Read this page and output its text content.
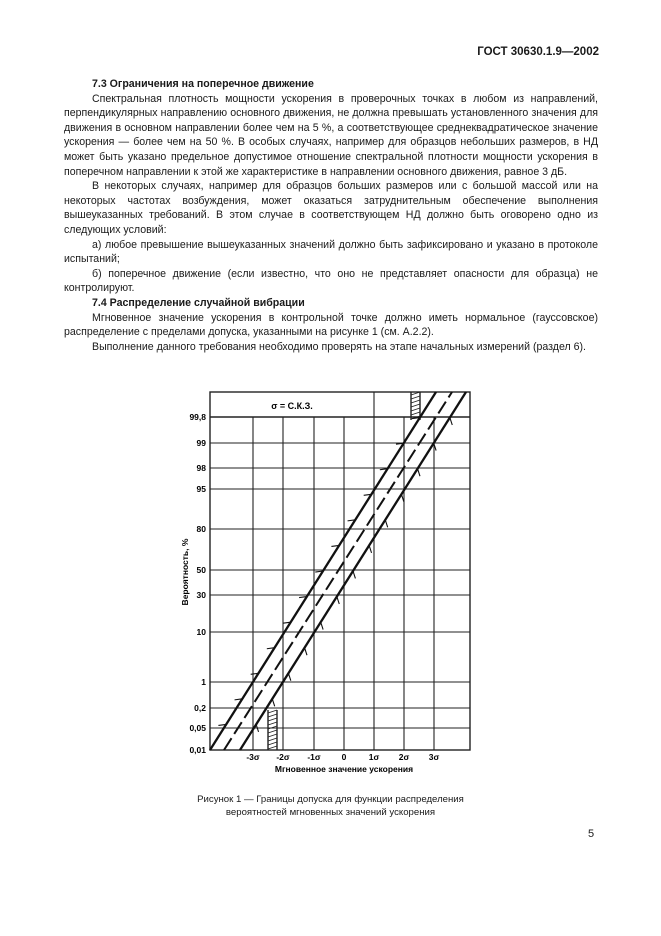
ГОСТ 30630.1.9—2002

7.3 Ограничения на поперечное движение

Спектральная плотность мощности ускорения в проверочных точках в любом из направлений, перпендикулярных направлению основного движения, не должна превышать установленного значения для движения в основном направлении более чем на 5 %, а соответствующее среднеквадратическое значение ускорения — более чем на 50 %. В особых случаях, например для образцов небольших размеров, в НД может быть указано предельное допустимое отношение спектральной плотности мощности ускорения в поперечном направлении к этой же характеристике в направлении основного движения, равное 3 дБ.

В некоторых случаях, например для образцов больших размеров или с большой массой или на некоторых частотах возбуждения, может оказаться затруднительным обеспечение выполнения вышеуказанных требований. В этом случае в соответствующем НД должно быть оговорено одно из следующих условий:

а) любое превышение вышеуказанных значений должно быть зафиксировано и указано в протоколе испытаний;

б) поперечное движение (если известно, что оно не представляет опасности для образца) не контролируют.

7.4 Распределение случайной вибрации

Мгновенное значение ускорения в контрольной точке должно иметь нормальное (гауссовское) распределение с пределами допуска, указанными на рисунке 1 (см. А.2.2).

Выполнение данного требования необходимо проверять на этапе начальных измерений (раздел 6).

σ = С.К.З.
99,8
99
98
95
80
50
30
10
1
0,2
0,05
0,01
-3σ -2σ -1σ 0	1σ 2σ 3σ
Мгновенное значение ускорения
Вероятность, %
Рисунок 1 — Границы допуска для функции распределения
вероятностей мгновенных значений ускорения
5
